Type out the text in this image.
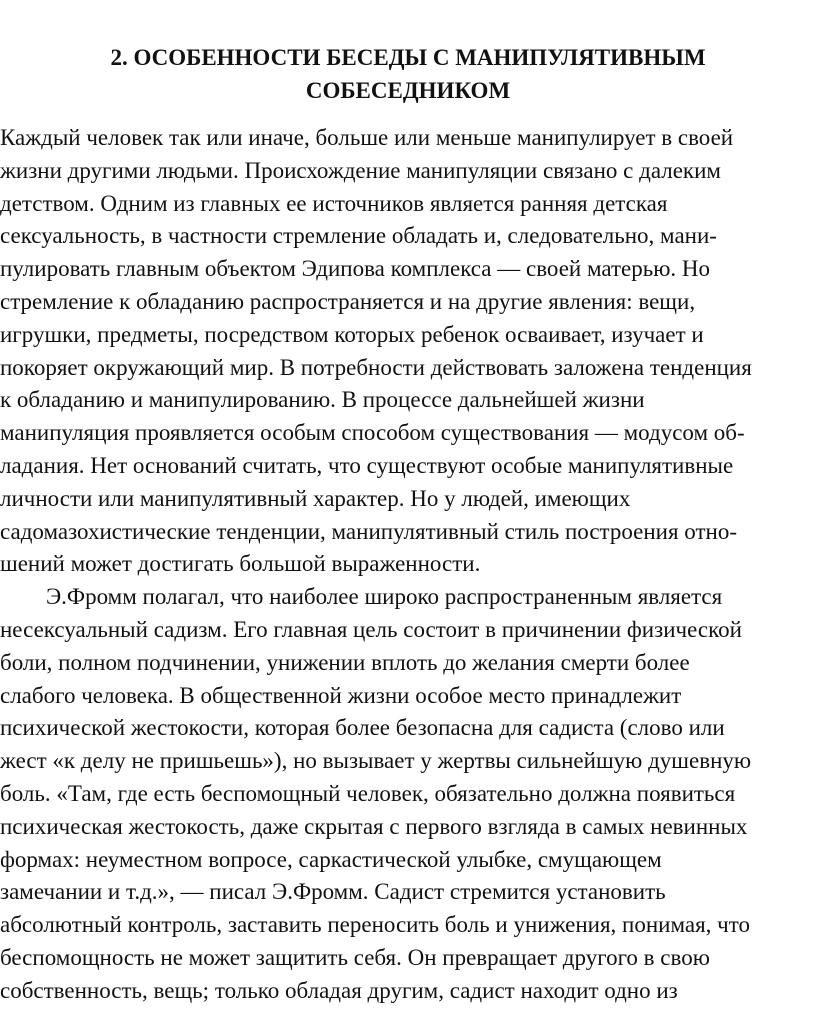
2. ОСОБЕННОСТИ БЕСЕДЫ С МАНИПУЛЯТИВНЫМ
СОБЕСЕДНИКОМ
Каждый человек так или иначе, больше или меньше манипулирует в своей
жизни другими людьми. Происхождение манипуляции связано с далеким
детством. Одним из главных ее источников является ранняя детская
сексуальность, в частности стремление обладать и, следовательно, мани-
пулировать главным объектом Эдипова комплекса — своей матерью. Но
стремление к обладанию распространяется и на другие явления: вещи,
игрушки, предметы, посредством которых ребенок осваивает, изучает и
покоряет окружающий мир. В потребности действовать заложена тенденция
к обладанию и манипулированию. В процессе дальнейшей жизни
манипуляция проявляется особым способом существования — модусом об-
ладания. Нет оснований считать, что существуют особые манипулятивные
личности или манипулятивный характер. Но у людей, имеющих
садомазохистические тенденции, манипулятивный стиль построения отно-
шений может достигать большой выраженности.
Э.Фромм полагал, что наиболее широко распространенным является
несексуальный садизм. Его главная цель состоит в причинении физической
боли, полном подчинении, унижении вплоть до желания смерти более
слабого человека. В общественной жизни особое место принадлежит
психической жестокости, которая более безопасна для садиста (слово или
жест «к делу не пришьешь»), но вызывает у жертвы сильнейшую душевную
боль. «Там, где есть беспомощный человек, обязательно должна появиться
психическая жестокость, даже скрытая с первого взгляда в самых невинных
формах: неуместном вопросе, саркастической улыбке, смущающем
замечании и т.д.», — писал Э.Фромм. Садист стремится установить
абсолютный контроль, заставить переносить боль и унижения, понимая, что
беспомощность не может защитить себя. Он превращает другого в свою
собственность, вещь; только обладая другим, садист находит одно из
